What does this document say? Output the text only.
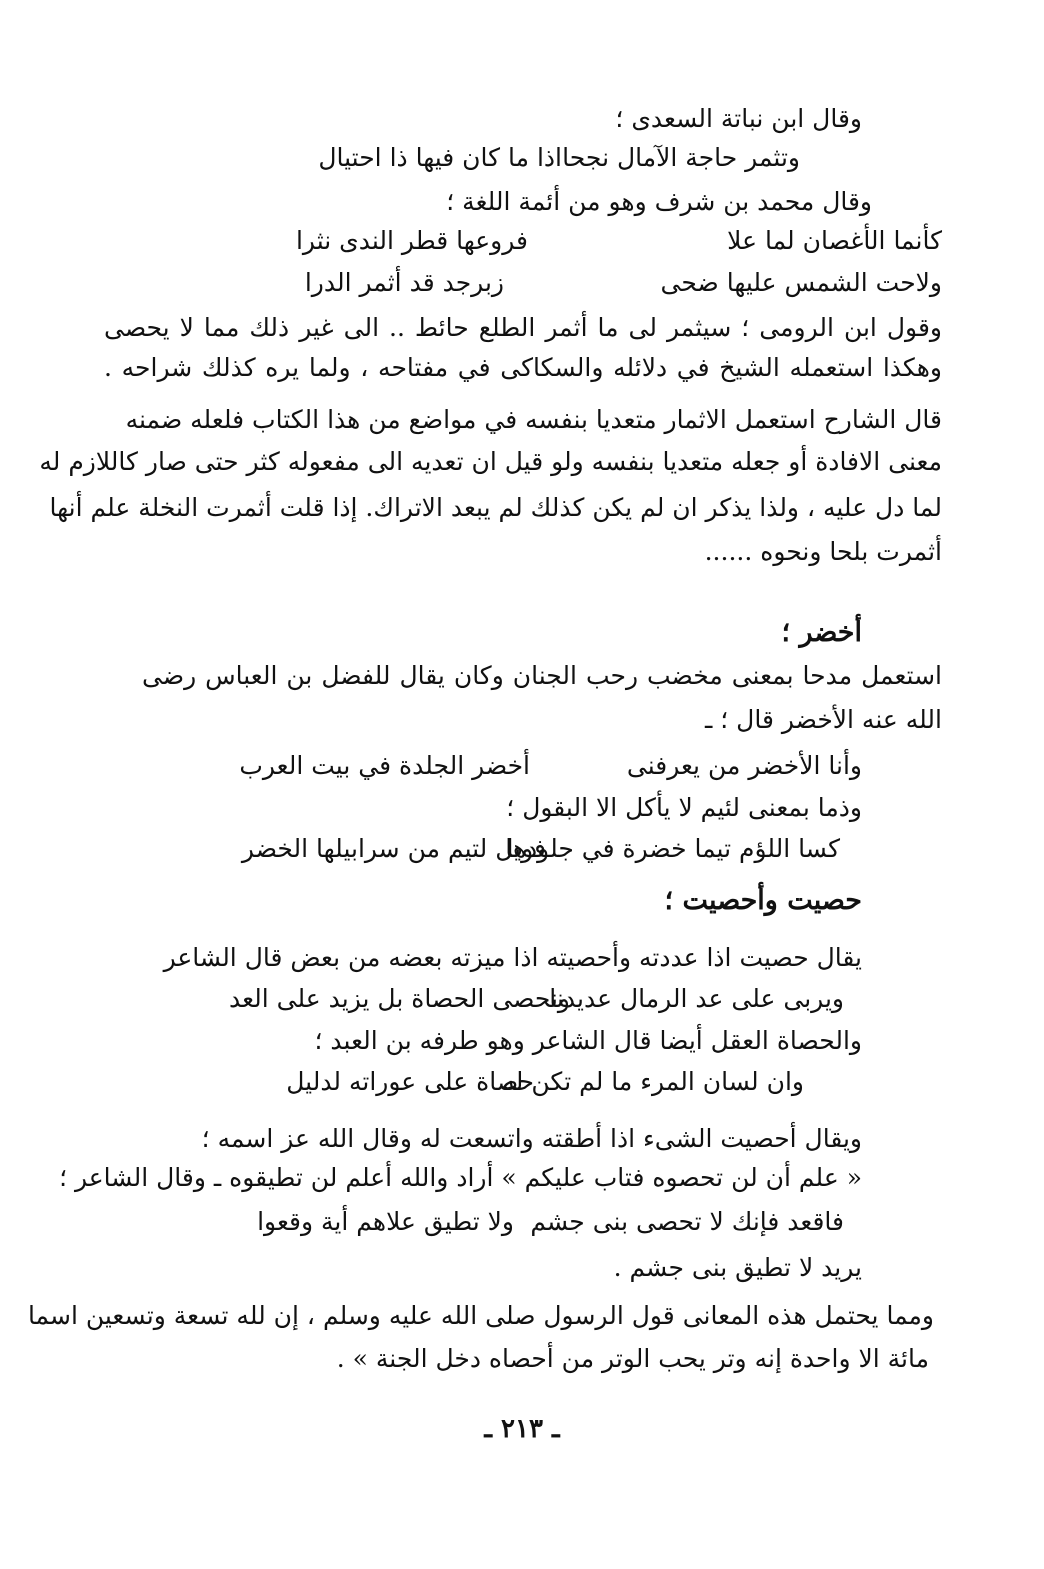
وقال ابن نباتة السعدى ؛
وتثمر حاجة الآمال نجحا
اذا ما كان فيها ذا احتيال
وقال محمد بن شرف وهو من أئمة اللغة ؛
كأنما الأغصان لما علا
فروعها قطر الندى نثرا
ولاحت الشمس عليها ضحى
زبرجد قد أثمر الدرا
وقول ابن الرومى ؛ سيثمر لى ما أثمر الطلع حائط .. الى غير ذلك مما لا يحصى
وهكذا استعمله الشيخ في دلائله والسكاكى في مفتاحه ، ولما يره كذلك شراحه .
قال الشارح استعمل الاثمار متعديا بنفسه في مواضع من هذا الكتاب فلعله ضمنه
معنى الافادة أو جعله متعديا بنفسه ولو قيل ان تعديه الى مفعوله كثر حتى صار كاللازم له
لما دل عليه ، ولذا يذكر ان لم يكن كذلك لم يبعد الاتراك. إذا قلت أثمرت النخلة علم أنها
أثمرت بلحا ونحوه ......
أخضر ؛
استعمل مدحا بمعنى مخضب رحب الجنان وكان يقال للفضل بن العباس رضى
الله عنه الأخضر قال ؛ ـ
وأنا الأخضر من يعرفنى
أخضر الجلدة في بيت العرب
وذما بمعنى لئيم لا يأكل الا البقول ؛
كسا اللؤم تيما خضرة في جلودها
فويل لتيم من سرابيلها الخضر
حصيت وأحصيت ؛
يقال حصيت اذا عددته وأحصيته اذا ميزته بعضه من بعض قال الشاعر
ويربى على عد الرمال عديدنا
ونحصى الحصاة بل يزيد على العد
والحصاة العقل أيضا قال الشاعر وهو طرفه بن العبد ؛
وان لسان المرء ما لم تكن له
حصاة على عوراته لدليل
ويقال أحصيت الشىء اذا أطقته واتسعت له وقال الله عز اسمه ؛
« علم أن لن تحصوه فتاب عليكم » أراد والله أعلم لن تطيقوه ـ وقال الشاعر ؛
فاقعد فإنك لا تحصى بنى جشم
ولا تطيق علاهم أية وقعوا
يريد لا تطيق بنى جشم .
ومما يحتمل هذه المعانى قول الرسول صلى الله عليه وسلم ، إن لله تسعة وتسعين اسما
مائة الا واحدة إنه وتر يحب الوتر من أحصاه دخل الجنة » .
ـ ٢١٣ ـ
